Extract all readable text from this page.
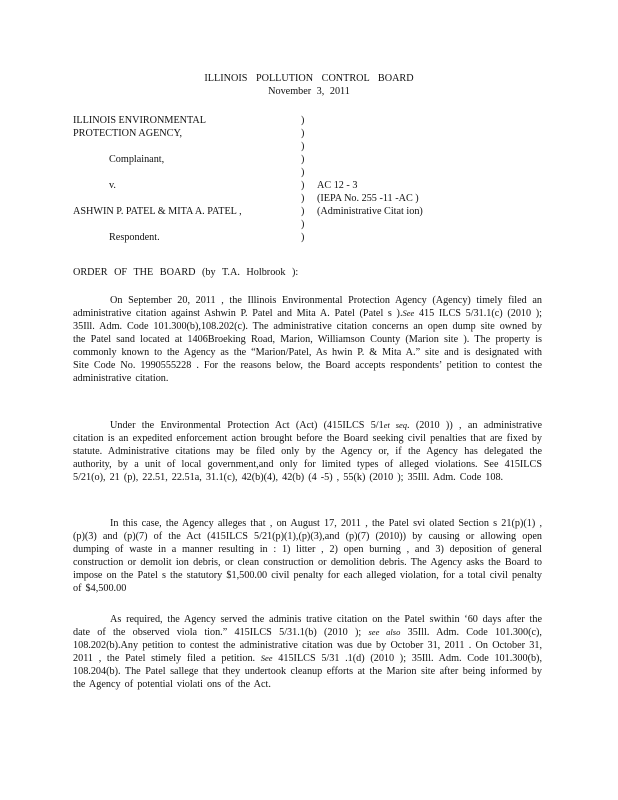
ILLINOIS POLLUTION CONTROL BOARD
November 3, 2011
ILLINOIS ENVIRONMENTAL
PROTECTION AGENCY,
Complainant,
v.
ASHWIN P. PATEL & MITA A. PATEL ,
Respondent.
)
)
)
)
)
)
)
)
)
)
AC 12 - 3
(IEPA No. 255 -11 -AC )
(Administrative Citat ion)
ORDER OF THE BOARD (by T.A. Holbrook ):

On September 20, 2011 , the Illinois Environmental Protection Agency (Agency) timely filed an administrative citation against Ashwin P. Patel and Mita A. Patel (Patel s ).See 415 ILCS 5/31.1(c) (2010 ); 35Ill. Adm. Code 101.300(b),108.202(c). The administrative citation concerns an open dump site owned by the Patel sand located at 1406Broeking Road, Marion, Williamson County (Marion site ). The property is commonly known to the Agency as the “Marion/Patel, As hwin P. & Mita A.” site and is designated with Site Code No. 1990555228 . For the reasons below, the Board accepts respondents’ petition to contest the administrative citation.

Under the Environmental Protection Act (Act) (415ILCS 5/1et seq. (2010 )) , an administrative citation is an expedited enforcement action brought before the Board seeking civil penalties that are fixed by statute. Administrative citations may be filed only by the Agency or, if the Agency has delegated the authority, by a unit of local government,and only for limited types of alleged violations. See 415ILCS 5/21(o), 21 (p), 22.51, 22.51a, 31.1(c), 42(b)(4), 42(b) (4 -5) , 55(k) (2010 ); 35Ill. Adm. Code 108.

In this case, the Agency alleges that , on August 17, 2011 , the Patel svi olated Section s 21(p)(1) , (p)(3) and (p)(7) of the Act (415ILCS 5/21(p)(1),(p)(3),and (p)(7) (2010)) by causing or allowing open dumping of waste in a manner resulting in : 1) litter , 2) open burning , and 3) deposition of general construction or demolit ion debris, or clean construction or demolition debris. The Agency asks the Board to impose on the Patel s the statutory $1,500.00 civil penalty for each alleged violation, for a total civil penalty of $4,500.00

As required, the Agency served the adminis trative citation on the Patel swithin ‘60 days after the date of the observed viola tion.” 415ILCS 5/31.1(b) (2010 ); see also 35Ill. Adm. Code 101.300(c), 108.202(b).Any petition to contest the administrative citation was due by October 31, 2011 . On October 31, 2011 , the Patel stimely filed a petition. See 415ILCS 5/31 .1(d) (2010 ); 35Ill. Adm. Code 101.300(b), 108.204(b). The Patel sallege that they undertook cleanup efforts at the Marion site after being informed by the Agency of potential violati ons of the Act.
